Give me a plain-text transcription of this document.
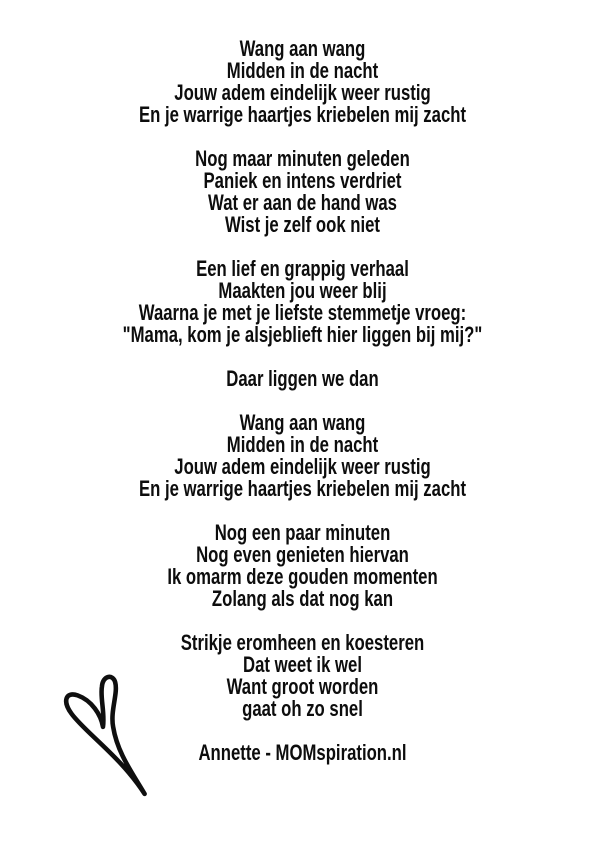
Wang aan wang
Midden in de nacht
Jouw adem eindelijk weer rustig
En je warrige haartjes kriebelen mij zacht
Nog maar minuten geleden
Paniek en intens verdriet
Wat er aan de hand was
Wist je zelf ook niet
Een lief en grappig verhaal
Maakten jou weer blij
Waarna je met je liefste stemmetje vroeg:
"Mama, kom je alsjeblieft hier liggen bij mij?"
Daar liggen we dan
Wang aan wang
Midden in de nacht
Jouw adem eindelijk weer rustig
En je warrige haartjes kriebelen mij zacht
Nog een paar minuten
Nog even genieten hiervan
Ik omarm deze gouden momenten
Zolang als dat nog kan
Strikje eromheen en koesteren
Dat weet ik wel
Want groot worden
gaat oh zo snel
Annette - MOMspiration.nl
